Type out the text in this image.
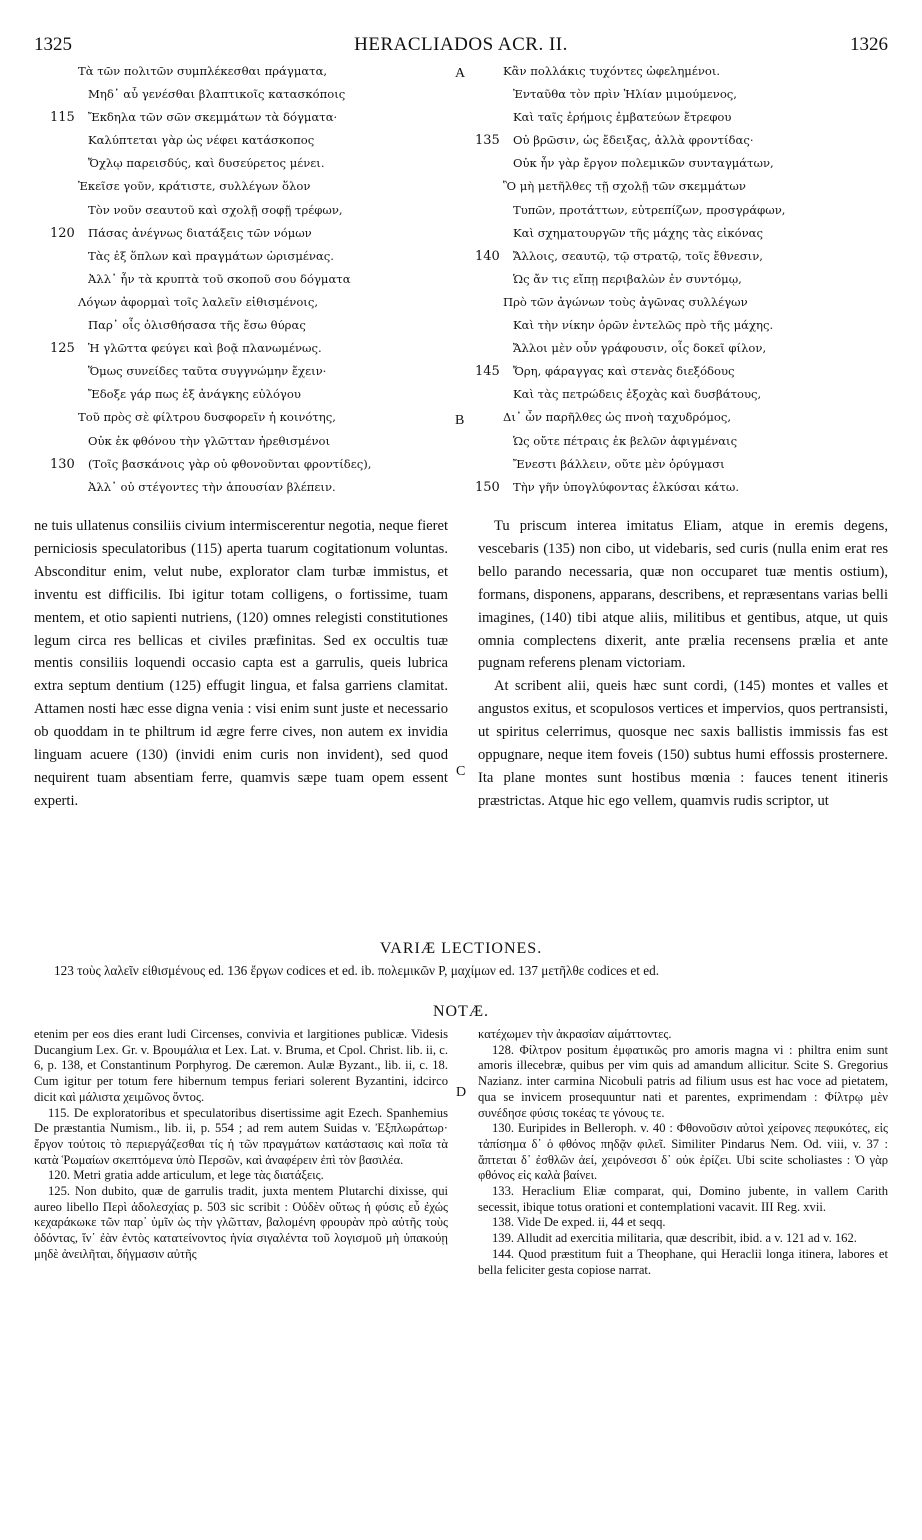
1325	HERACLIADOS ACR. II.	1326
Τὰ τῶν πολιτῶν συμπλέκεσθαι πράγματα,
Μηδ᾽ αὖ γενέσθαι βλαπτικοῖς κατασκόποις
115 Ἔκδηλα τῶν σῶν σκεμμάτων τὰ δόγματα·
Καλύπτεται γὰρ ὡς νέφει κατάσκοπος
Ὄχλῳ παρεισδύς, καὶ δυσεύρετος μένει.
Ἐκεῖσε γοῦν, κράτιστε, συλλέγων ὅλον
Τὸν νοῦν σεαυτοῦ καὶ σχολῇ σοφῇ τρέφων,
120 Πάσας ἀνέγνως διατάξεις τῶν νόμων
Τὰς ἐξ ὅπλων καὶ πραγμάτων ὡρισμένας.
Ἀλλ᾽ ἦν τὰ κρυπτὰ τοῦ σκοποῦ σου δόγματα
Λόγων ἀφορμαὶ τοῖς λαλεῖν εἰθισμένοις,
Παρ᾽ οἷς ὀλισθήσασα τῆς ἔσω θύρας
125 Ἡ γλῶττα φεύγει καὶ βοᾷ πλανωμένως.
Ὅμως συνείδες ταῦτα συγγνώμην ἔχειν·
Ἔδοξε γάρ πως ἐξ ἀνάγκης εὐλόγου
Τοῦ πρὸς σὲ φίλτρου δυσφορεῖν ἡ κοινότης,
Οὐκ ἐκ φθόνου τὴν γλῶτταν ἠρεθισμένοι
130 (Τοῖς βασκάνοις γὰρ οὐ φθονοῦνται φροντίδες),
Ἀλλ᾽ οὐ στέγοντες τὴν ἀπουσίαν βλέπειν.
Κἂν πολλάκις τυχόντες ὠφελημένοι.
Ἐνταῦθα τὸν πρὶν Ἠλίαν μιμούμενος,
Καὶ ταῖς ἐρήμοις ἐμβατεύων ἔτρεφου
135 Οὐ βρῶσιν, ὡς ἔδειξας, ἀλλὰ φροντίδας·
Οὐκ ἦν γὰρ ἔργον πολεμικῶν συνταγμάτων,
Ὃ μὴ μετῆλθες τῇ σχολῇ τῶν σκεμμάτων
Τυπῶν, προτάττων, εὐτρεπίζων, προσγράφων,
Καὶ σχηματουργῶν τῆς μάχης τὰς εἰκόνας
140 Ἄλλοις, σεαυτῷ, τῷ στρατῷ, τοῖς ἔθνεσιν,
Ὡς ἄν τις εἴπῃ περιβαλὼν ἐν συντόμῳ,
Πρὸ τῶν ἀγώνων τοὺς ἀγῶνας συλλέγων
Καὶ τὴν νίκην ὁρῶν ἐντελῶς πρὸ τῆς μάχης.
Ἄλλοι μὲν οὖν γράφουσιν, οἷς δοκεῖ φίλον,
145 Ὄρη, φάραγγας καὶ στενὰς διεξόδους
Καὶ τὰς πετρώδεις ἐξοχὰς καὶ δυσβάτους,
Δι᾽ ὧν παρῆλθες ὡς πνοὴ ταχυδρόμος,
Ὡς οὔτε πέτραις ἐκ βελῶν ἀφιγμέναις
Ἔνεστι βάλλειν, οὔτε μὲν ὀρύγμασι
150 Τὴν γῆν ὑπογλύφοντας ἑλκύσαι κάτω.
A
B
C
D

ne tuis ullatenus consiliis civium intermiscerentur negotia, neque fieret perniciosis speculatoribus (115) aperta tuarum cogitationum voluntas. Absconditur enim, velut nube, explorator clam turbæ immistus, et inventu est difficilis. Ibi igitur totam colligens, o fortissime, tuam mentem, et otio sapienti nutriens, (120) omnes relegisti constitutiones legum circa res bellicas et civiles præfinitas. Sed ex occultis tuæ mentis consiliis loquendi occasio capta est a garrulis, queis lubrica extra septum dentium (125) effugit lingua, et falsa garriens clamitat. Attamen nosti hæc esse digna venia : visi enim sunt juste et necessario ob quoddam in te philtrum id ægre ferre cives, non autem ex invidia linguam acuere (130) (invidi enim curis non invident), sed quod nequirent tuam absentiam ferre, quamvis sæpe tuam opem essent experti.

Tu priscum interea imitatus Eliam, atque in eremis degens, vescebaris (135) non cibo, ut videbaris, sed curis (nulla enim erat res bello parando necessaria, quæ non occuparet tuæ mentis ostium), formans, disponens, apparans, describens, et repræsentans varias belli imagines, (140) tibi atque aliis, militibus et gentibus, atque, ut quis omnia complectens dixerit, ante prælia recensens prælia et ante pugnam referens plenam victoriam.

At scribent alii, queis hæc sunt cordi, (145) montes et valles et angustos exitus, et scopulosos vertices et impervios, quos pertransisti, ut spiritus celerrimus, quosque nec saxis ballistis immissis fas est oppugnare, neque item foveis (150) subtus humi effossis prosternere. Ita plane montes sunt hostibus mœnia : fauces tenent itineris præstrictas. Atque hic ego vellem, quamvis rudis scriptor, ut

VARIÆ LECTIONES.
123 τοὺς λαλεῖν εἰθισμένους ed. 136 ἔργων codices et ed. ib. πολεμικῶν P, μαχίμων ed. 137 μετῆλθε codices et ed.
NOTÆ.

etenim per eos dies erant ludi Circenses, convivia et largitiones publicæ. Videsis Ducangium Lex. Gr. v. Βρουμάλια et Lex. Lat. v. Bruma, et Cpol. Christ. lib. ii, c. 6, p. 138, et Constantinum Porphyrog. De cæremon. Aulæ Byzant., lib. ii, c. 18. Cum igitur per totum fere hibernum tempus feriari solerent Byzantini, idcirco dicit καὶ μάλιστα χειμῶνος ὄντος.

115. De exploratoribus et speculatoribus disertissime agit Ezech. Spanhemius De præstantia Numism., lib. ii, p. 554 ; ad rem autem Suidas v. Ἐξπλωράτωρ· ἔργον τούτοις τὸ περιεργάζεσθαι τίς ἡ τῶν πραγμάτων κατάστασις καὶ ποῖα τὰ κατὰ Ῥωμαίων σκεπτόμενα ὑπὸ Περσῶν, καὶ ἀναφέρειν ἐπὶ τὸν βασιλέα.

120. Metri gratia adde articulum, et lege τὰς διατάξεις.

125. Non dubito, quæ de garrulis tradit, juxta mentem Plutarchi dixisse, qui aureo libello Περὶ ἀδολεσχίας p. 503 sic scribit : Οὐδὲν οὕτως ἡ φύσις εὖ ἐχώς κεχαράκωκε τῶν παρ᾽ ὑμῖν ὡς τὴν γλῶτταν, βαλομένη φρουρὰν πρὸ αὐτῆς τοὺς ὀδόντας, ἵν᾽ ἐὰν ἐντὸς κατατείνοντος ἡνία σιγαλέντα τοῦ λογισμοῦ μὴ ὑπακούῃ μηδὲ ἀνειλῆται, δήγμασιν αὐτῆς

κατέχωμεν τὴν ἀκρασίαν αἱμάττοντες.

128. Φίλτρον positum ἐμφατικῶς pro amoris magna vi : philtra enim sunt amoris illecebræ, quibus per vim quis ad amandum allicitur. Scite S. Gregorius Nazianz. inter carmina Nicobuli patris ad filium usus est hac voce ad pietatem, qua se invicem prosequuntur nati et parentes, exprimendam : Φίλτρῳ μὲν συνέδησε φύσις τοκέας τε γόνους τε.

130. Euripides in Belleroph. v. 40 : Φθονοῦσιν αὐτοὶ χείρονες πεφυκότες, εἰς τἀπίσημα δ᾽ ὁ φθόνος πηδᾷν φιλεῖ. Similiter Pindarus Nem. Od. viii, v. 37 : ἅπτεται δ᾽ ἐσθλῶν ἀεί, χειρόνεσσι δ᾽ οὐκ ἐρίζει. Ubi scite scholiastes : Ὁ γὰρ φθόνος εἰς καλὰ βαίνει.

133. Heraclium Eliæ comparat, qui, Domino jubente, in vallem Carith secessit, ibique totus orationi et contemplationi vacavit. III Reg. xvii.

138. Vide De exped. ii, 44 et seqq.

139. Alludit ad exercitia militaria, quæ describit, ibid. a v. 121 ad v. 162.

144. Quod præstitum fuit a Theophane, qui Heraclii longa itinera, labores et bella feliciter gesta copiose narrat.
